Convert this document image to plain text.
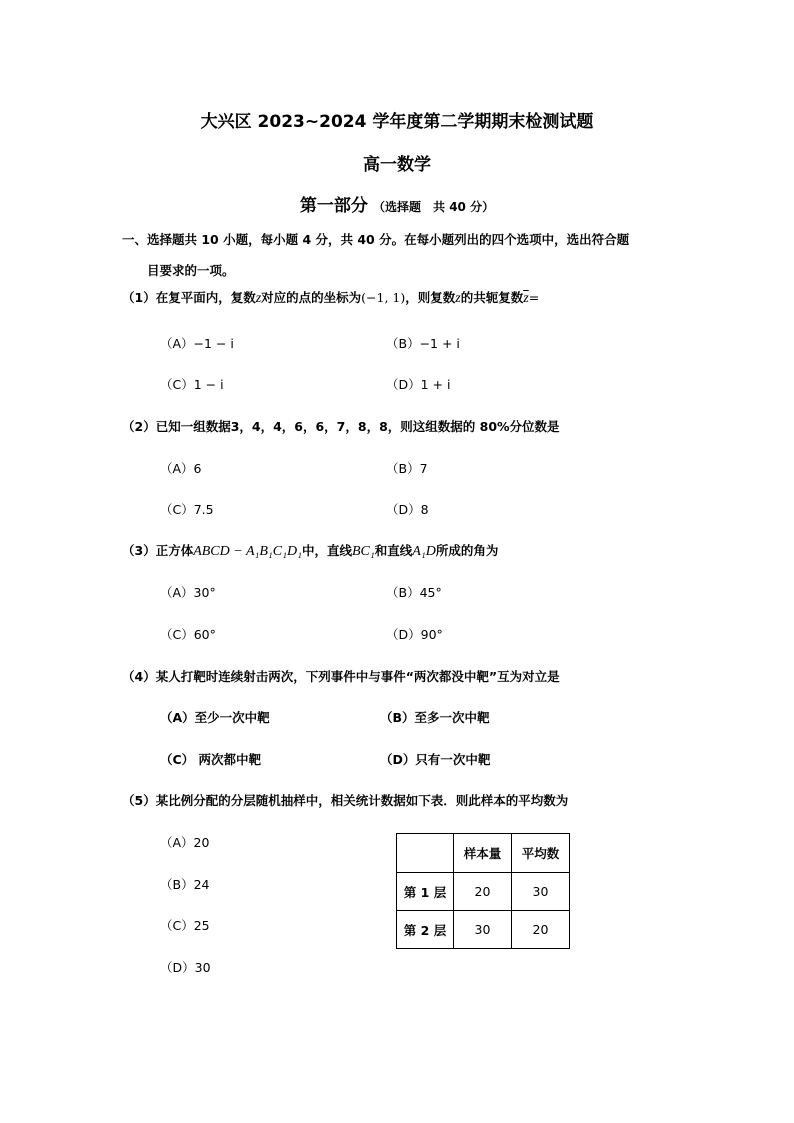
大兴区 2023~2024 学年度第二学期期末检测试题
高一数学
第一部分 （选择题　共 40 分）
一、选择题共 10 小题，每小题 4 分，共 40 分。在每小题列出的四个选项中，选出符合题
目要求的一项。
（1）在复平面内，复数z对应的点的坐标为(−1, 1)，则复数z的共轭复数$\overline{z}=$
（A）−1 − i	（B）−1 + i
（C）1 − i	（D）1 + i
（2）已知一组数据3，4，4，6，6，7，8，8，则这组数据的 80%分位数是
（A）6	（B）7
（C）7.5	（D）8
（3）正方体ABCD − A₁B₁C₁D₁中，直线BC₁和直线A₁D所成的角为
（A）30°	（B）45°
（C）60°	（D）90°
（4）某人打靶时连续射击两次，下列事件中与事件“两次都没中靶”互为对立是
（A）至少一次中靶	（B）至多一次中靶
（C） 两次都中靶	（D）只有一次中靶
（5）某比例分配的分层随机抽样中，相关统计数据如下表．则此样本的平均数为
（A）20
（B）24
（C）25
（D）30
	样本量	平均数
第 1 层	20	30
第 2 层	30	20
